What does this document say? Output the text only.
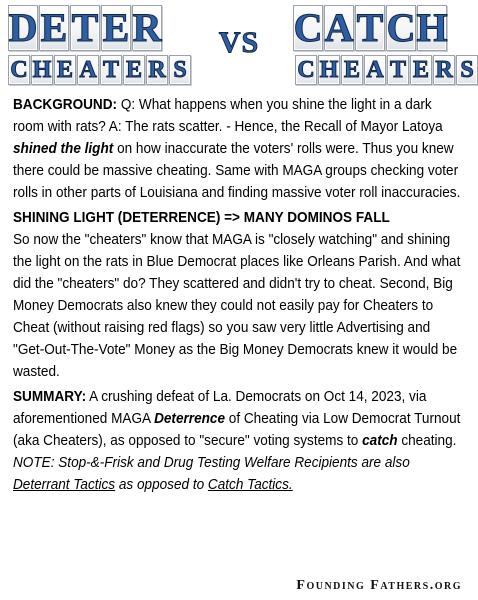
D E T E R
C H E A T E R S
VS C A T C H
C H E A T E R S

BACKGROUND: Q: What happens when you shine the light in a dark room with rats? A: The rats scatter. - Hence, the Recall of Mayor Latoya shined the light on how inaccurate the voters' rolls were. Thus you knew there could be massive cheating. Same with MAGA groups checking voter rolls in other parts of Louisiana and finding massive voter roll inaccuracies.

SHINING LIGHT (DETERRENCE) => MANY DOMINOS FALL

So now the "cheaters" know that MAGA is "closely watching" and shining the light on the rats in Blue Democrat places like Orleans Parish. And what did the "cheaters" do? They scattered and didn't try to cheat. Second, Big Money Democrats also knew they could not easily pay for Cheaters to Cheat (without raising red flags) so you saw very little Advertising and "Get-Out-The-Vote" Money as the Big Money Democrats knew it would be wasted.

SUMMARY: A crushing defeat of La. Democrats on Oct 14, 2023, via aforementioned MAGA Deterrence of Cheating via Low Democrat Turnout (aka Cheaters), as opposed to "secure" voting systems to catch cheating. NOTE: Stop-&-Frisk and Drug Testing Welfare Recipients are also Deterrant Tactics as opposed to Catch Tactics.

Founding Fathers.org
